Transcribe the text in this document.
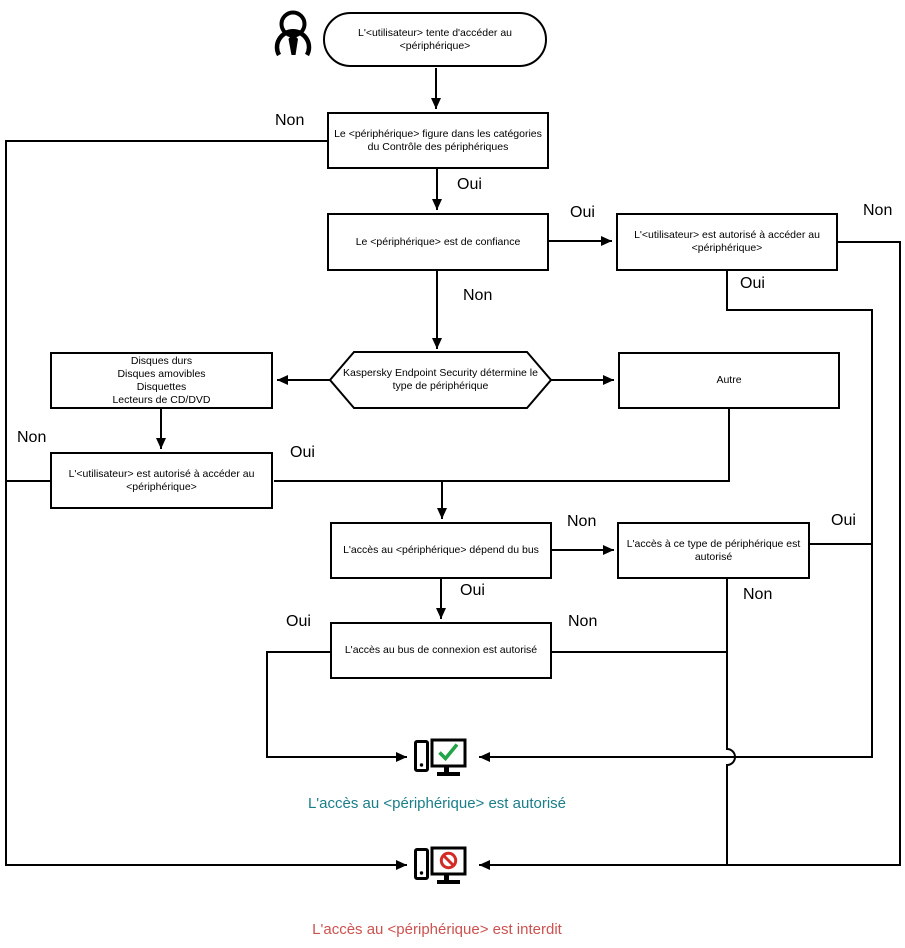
L'<utilisateur> tente d'accéder au
<périphérique>
Le <périphérique> figure dans les catégories
du Contrôle des périphériques
Le <périphérique> est de confiance
L'<utilisateur> est autorisé à accéder au
<périphérique>
Kaspersky Endpoint Security détermine le
type de périphérique
Disques durs
Disques amovibles
Disquettes
Lecteurs de CD/DVD
Autre
L'<utilisateur> est autorisé à accéder au
<périphérique>
L'accès au <périphérique> dépend du bus
L'accès à ce type de périphérique est
autorisé
L'accès au bus de connexion est autorisé
Non
Oui
Oui
Non
Non
Oui
Non
Oui
Non
Oui
Oui
Non
Oui	Non
L'accès au <périphérique> est autorisé
L'accès au <périphérique> est interdit
